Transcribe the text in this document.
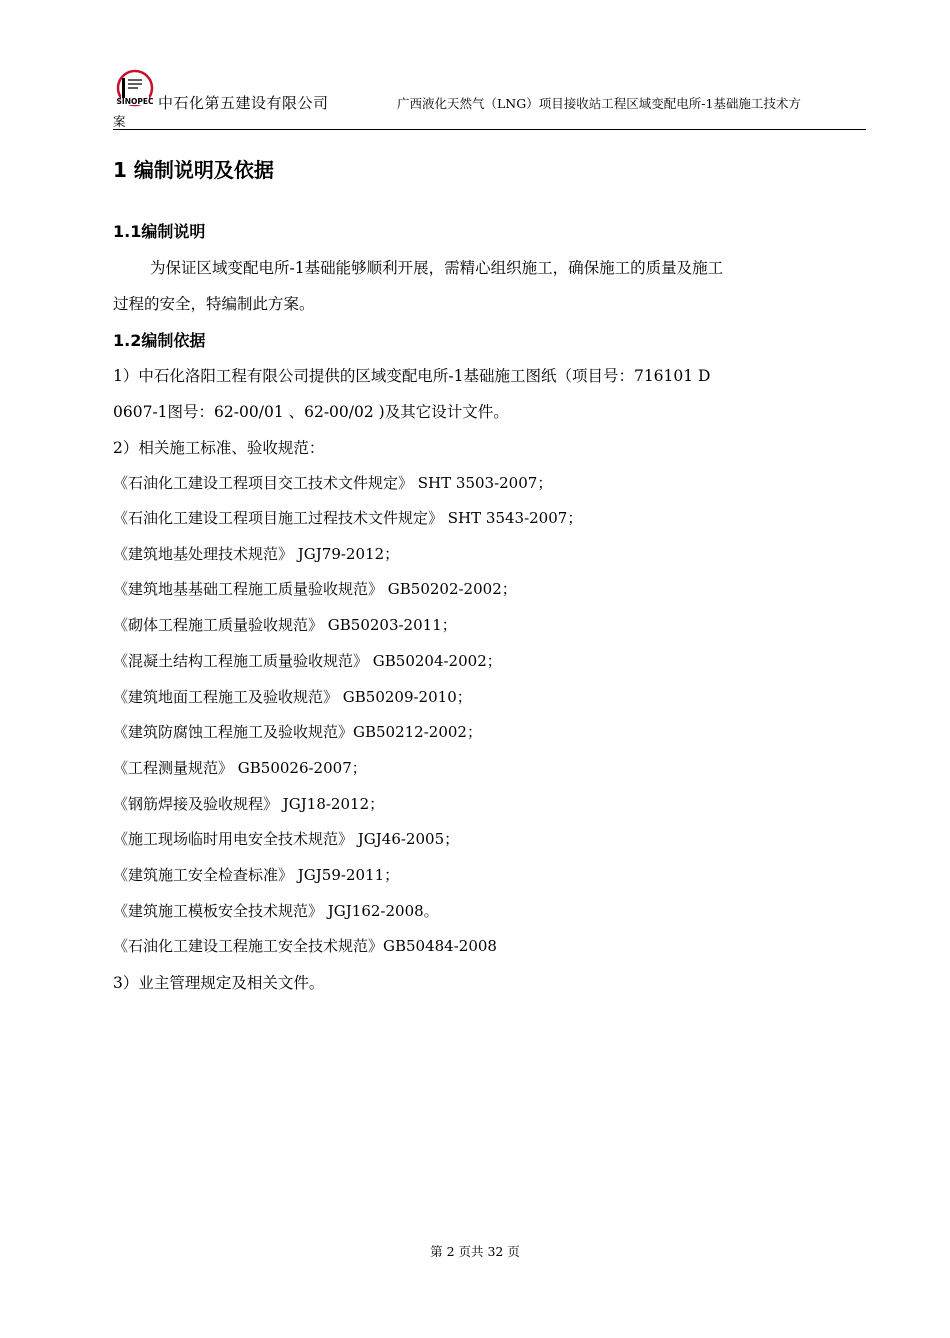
SINOPEC 中石化第五建设有限公司	广西液化天然气（LNG）项目接收站工程区域变配电所-1基础施工技术方
案
1 编制说明及依据
1.1编制说明
为保证区域变配电所-1基础能够顺利开展，需精心组织施工，确保施工的质量及施工
过程的安全，特编制此方案。
1.2编制依据
1）中石化洛阳工程有限公司提供的区域变配电所-1基础施工图纸（项目号：716101 D
0607-1图号：62-00/01 、62-00/02 )及其它设计文件。
2）相关施工标准、验收规范：
《石油化工建设工程项目交工技术文件规定》 SHT 3503-2007；
《石油化工建设工程项目施工过程技术文件规定》 SHT 3543-2007；
《建筑地基处理技术规范》 JGJ79-2012；
《建筑地基基础工程施工质量验收规范》 GB50202-2002；
《砌体工程施工质量验收规范》 GB50203-2011；
《混凝土结构工程施工质量验收规范》 GB50204-2002；
《建筑地面工程施工及验收规范》 GB50209-2010；
《建筑防腐蚀工程施工及验收规范》GB50212-2002；
《工程测量规范》 GB50026-2007；
《钢筋焊接及验收规程》 JGJ18-2012；
《施工现场临时用电安全技术规范》 JGJ46-2005；
《建筑施工安全检查标准》 JGJ59-2011；
《建筑施工模板安全技术规范》 JGJ162-2008。
《石油化工建设工程施工安全技术规范》GB50484-2008
3）业主管理规定及相关文件。
第 2 页共 32 页
